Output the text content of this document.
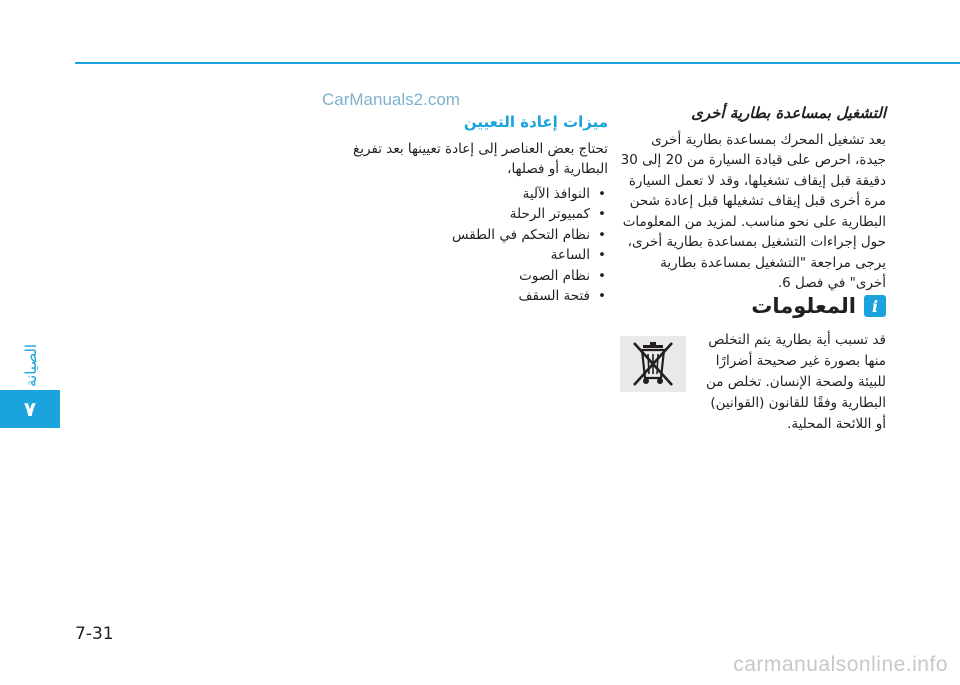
CarManuals2.com
الصيانة
٧
التشغيل بمساعدة بطارية أخرى

بعد تشغيل المحرك بمساعدة بطارية أخرى جيدة، احرص على قيادة السيارة من 20 إلى 30 دقيقة قبل إيقاف تشغيلها، وقد لا تعمل السيارة مرة أخرى قبل إيقاف تشغيلها قبل إعادة شحن البطارية على نحو مناسب. لمزيد من المعلومات حول إجراءات التشغيل بمساعدة بطارية أخرى، يرجى مراجعة "التشغيل بمساعدة بطارية أخرى" في فصل 6.

ميزات إعادة التعيين

تحتاج بعض العناصر إلى إعادة تعيينها بعد تفريغ البطارية أو فصلها،

• النوافذ الآلية
• كمبيوتر الرحلة
• نظام التحكم في الطقس
• الساعة
• نظام الصوت
• فتحة السقف
i
المعلومات
قد تسبب أية بطارية يتم التخلص منها بصورة غير صحيحة أضرارًا للبيئة ولصحة الإنسان. تخلص من البطارية وفقًا للقانون (القوانين) أو اللائحة المحلية.
7-31
carmanualsonline.info
